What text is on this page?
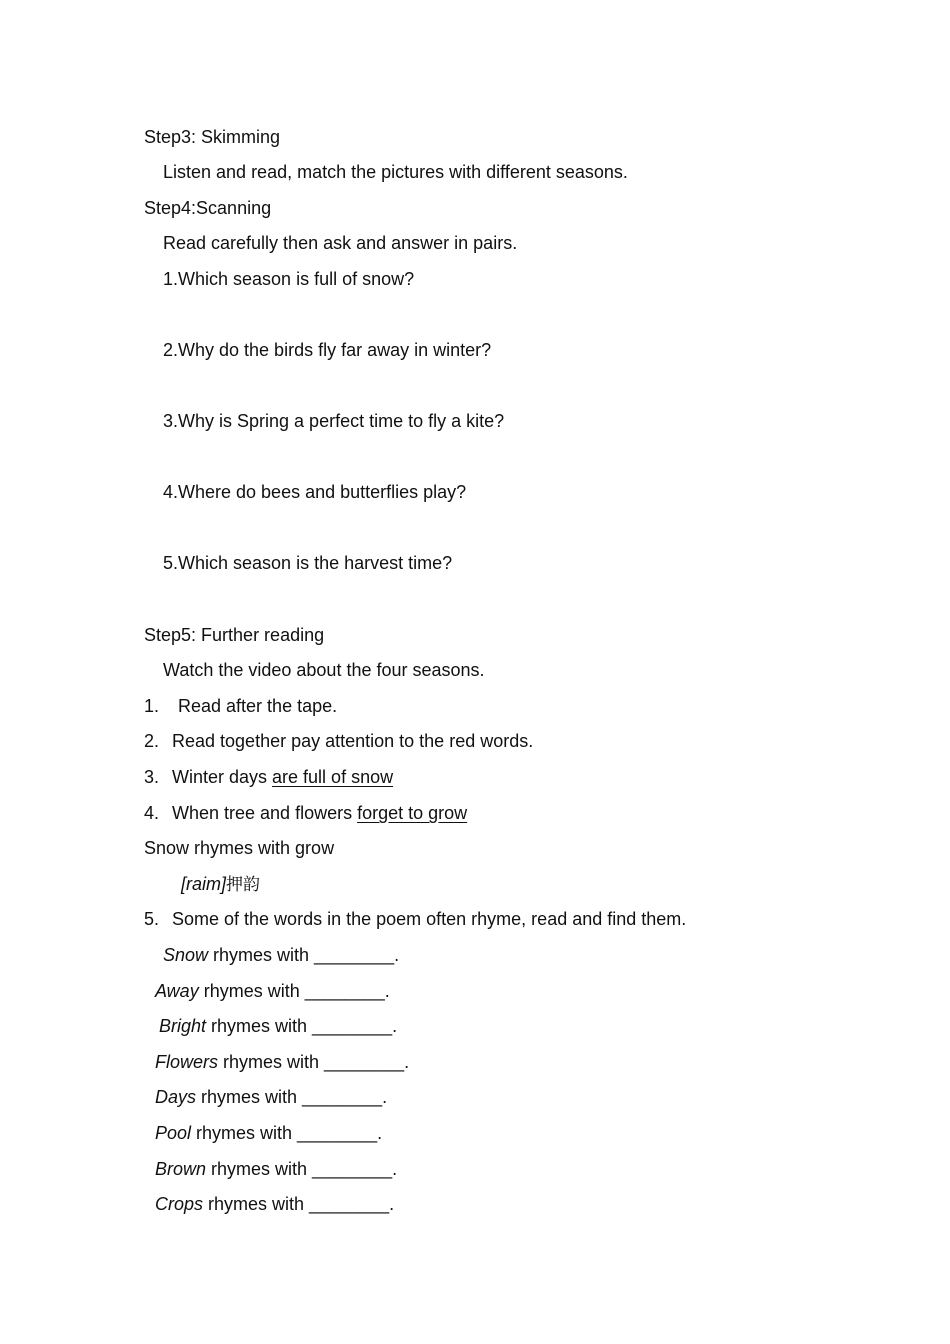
Step3: Skimming
Listen and read, match the pictures with different seasons.
Step4:Scanning
Read carefully then ask and answer in pairs.
1.Which season is full of snow?
2.Why do the birds fly far away in winter?
3.Why is Spring a perfect time to fly a kite?
4.Where do bees and butterflies play?
5.Which season is the harvest time?
Step5: Further reading
Watch the video about the four seasons.
1. Read after the tape.
2. Read together pay attention to the red words.
3. Winter days are full of snow
4. When tree and flowers forget to grow
Snow rhymes with grow
[raim]押韵
5. Some of the words in the poem often rhyme, read and find them.
Snow rhymes with ________.
Away rhymes with ________.
Bright rhymes with ________.
Flowers rhymes with ________.
Days rhymes with ________.
Pool rhymes with ________.
Brown rhymes with ________.
Crops rhymes with ________.
